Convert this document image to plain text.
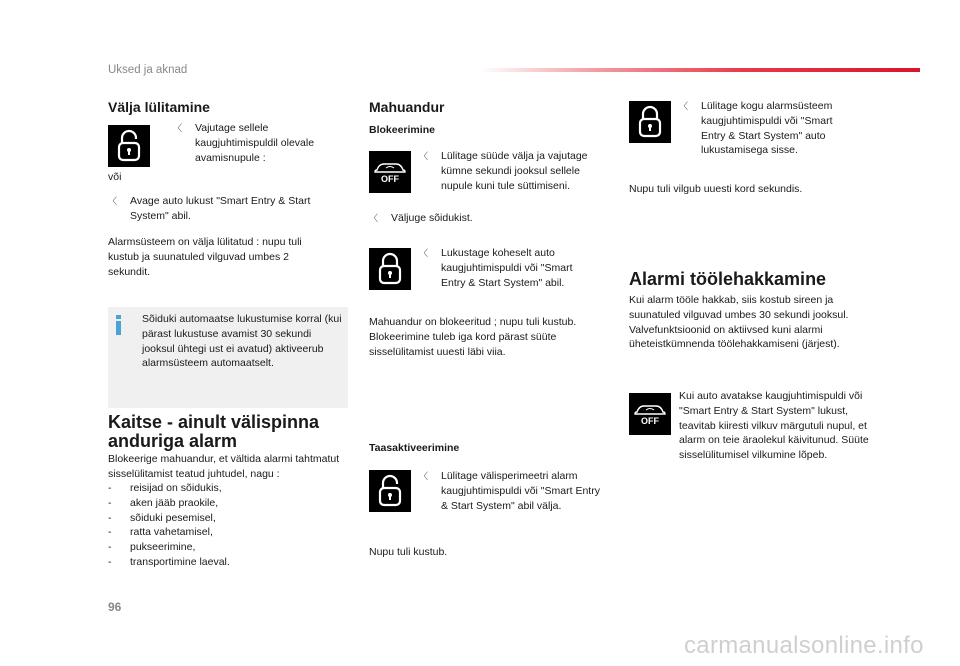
Uksed ja aknad
Välja lülitamine
〈 Vajutage sellele kaugjuhtimispuldil olevale avamisnupule :
või
〈 Avage auto lukust "Smart Entry & Start System" abil.
Alarmsüsteem on välja lülitatud : nupu tuli kustub ja suunatuled vilguvad umbes 2 sekundit.
Sõiduki automaatse lukustumise korral (kui pärast lukustuse avamist 30 sekundi jooksul ühtegi ust ei avatud) aktiveerub alarmsüsteem automaatselt.
Kaitse - ainult välispinna anduriga alarm
Blokeerige mahuandur, et vältida alarmi tahtmatut sisselülitamist teatud juhtudel, nagu :
- reisijad on sõidukis,
- aken jääb praokile,
- sõiduki pesemisel,
- ratta vahetamisel,
- pukseerimine,
- transportimine laeval.
Mahuandur
Blokeerimine
OFF
〈 Lülitage süüde välja ja vajutage kümne sekundi jooksul sellele nupule kuni tule süttimiseni.
〈 Väljuge sõidukist.
〈 Lukustage koheselt auto kaugjuhtimispuldi või "Smart Entry & Start System" abil.
Mahuandur on blokeeritud ; nupu tuli kustub. Blokeerimine tuleb iga kord pärast süüte sisselülitamist uuesti läbi viia.
Taasaktiveerimine
〈 Lülitage välisperimeetri alarm kaugjuhtimispuldi või "Smart Entry & Start System" abil välja.
Nupu tuli kustub.
〈 Lülitage kogu alarmsüsteem kaugjuhtimispuldi või "Smart Entry & Start System" auto lukustamisega sisse.
Nupu tuli vilgub uuesti kord sekundis.
Alarmi töölehakkamine
Kui alarm tööle hakkab, siis kostub sireen ja suunatuled vilguvad umbes 30 sekundi jooksul. Valvefunktsioonid on aktiivsed kuni alarmi üheteistkümnenda töölehakkamiseni (järjest).
OFF
Kui auto avatakse kaugjuhtimispuldi või "Smart Entry & Start System" lukust, teavitab kiiresti vilkuv märgutuli nupul, et alarm on teie äraolekul käivitunud. Süüte sisselülitumisel vilkumine lõpeb.
96
carmanualsonline.info
